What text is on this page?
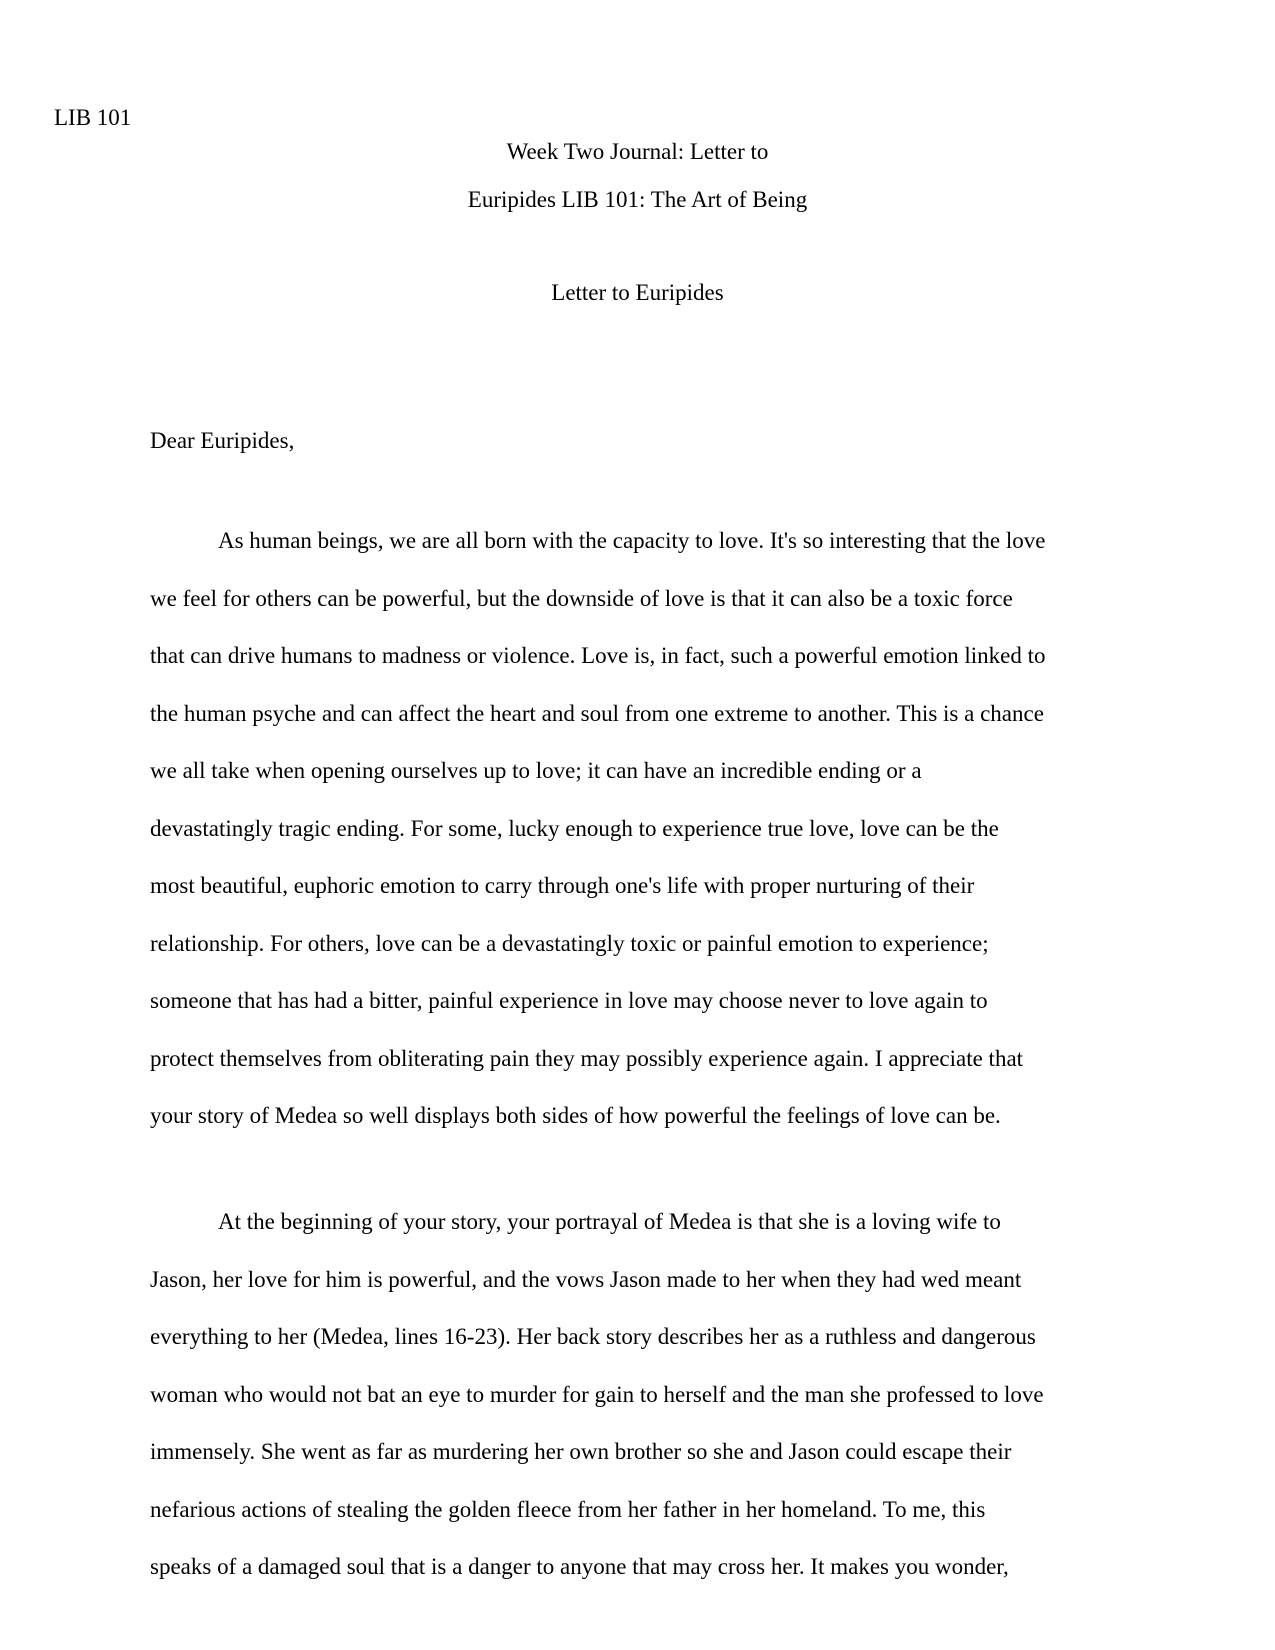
LIB 101
Week Two Journal: Letter to
Euripides LIB 101: The Art of Being
Letter to Euripides
Dear Euripides,
As human beings, we are all born with the capacity to love. It's so interesting that the love
we feel for others can be powerful, but the downside of love is that it can also be a toxic force
that can drive humans to madness or violence. Love is, in fact, such a powerful emotion linked to
the human psyche and can affect the heart and soul from one extreme to another. This is a chance
we all take when opening ourselves up to love; it can have an incredible ending or a
devastatingly tragic ending. For some, lucky enough to experience true love, love can be the
most beautiful, euphoric emotion to carry through one's life with proper nurturing of their
relationship. For others, love can be a devastatingly toxic or painful emotion to experience;
someone that has had a bitter, painful experience in love may choose never to love again to
protect themselves from obliterating pain they may possibly experience again. I appreciate that
your story of Medea so well displays both sides of how powerful the feelings of love can be.
At the beginning of your story, your portrayal of Medea is that she is a loving wife to
Jason, her love for him is powerful, and the vows Jason made to her when they had wed meant
everything to her (Medea, lines 16-23). Her back story describes her as a ruthless and dangerous
woman who would not bat an eye to murder for gain to herself and the man she professed to love
immensely. She went as far as murdering her own brother so she and Jason could escape their
nefarious actions of stealing the golden fleece from her father in her homeland. To me, this
speaks of a damaged soul that is a danger to anyone that may cross her. It makes you wonder,
